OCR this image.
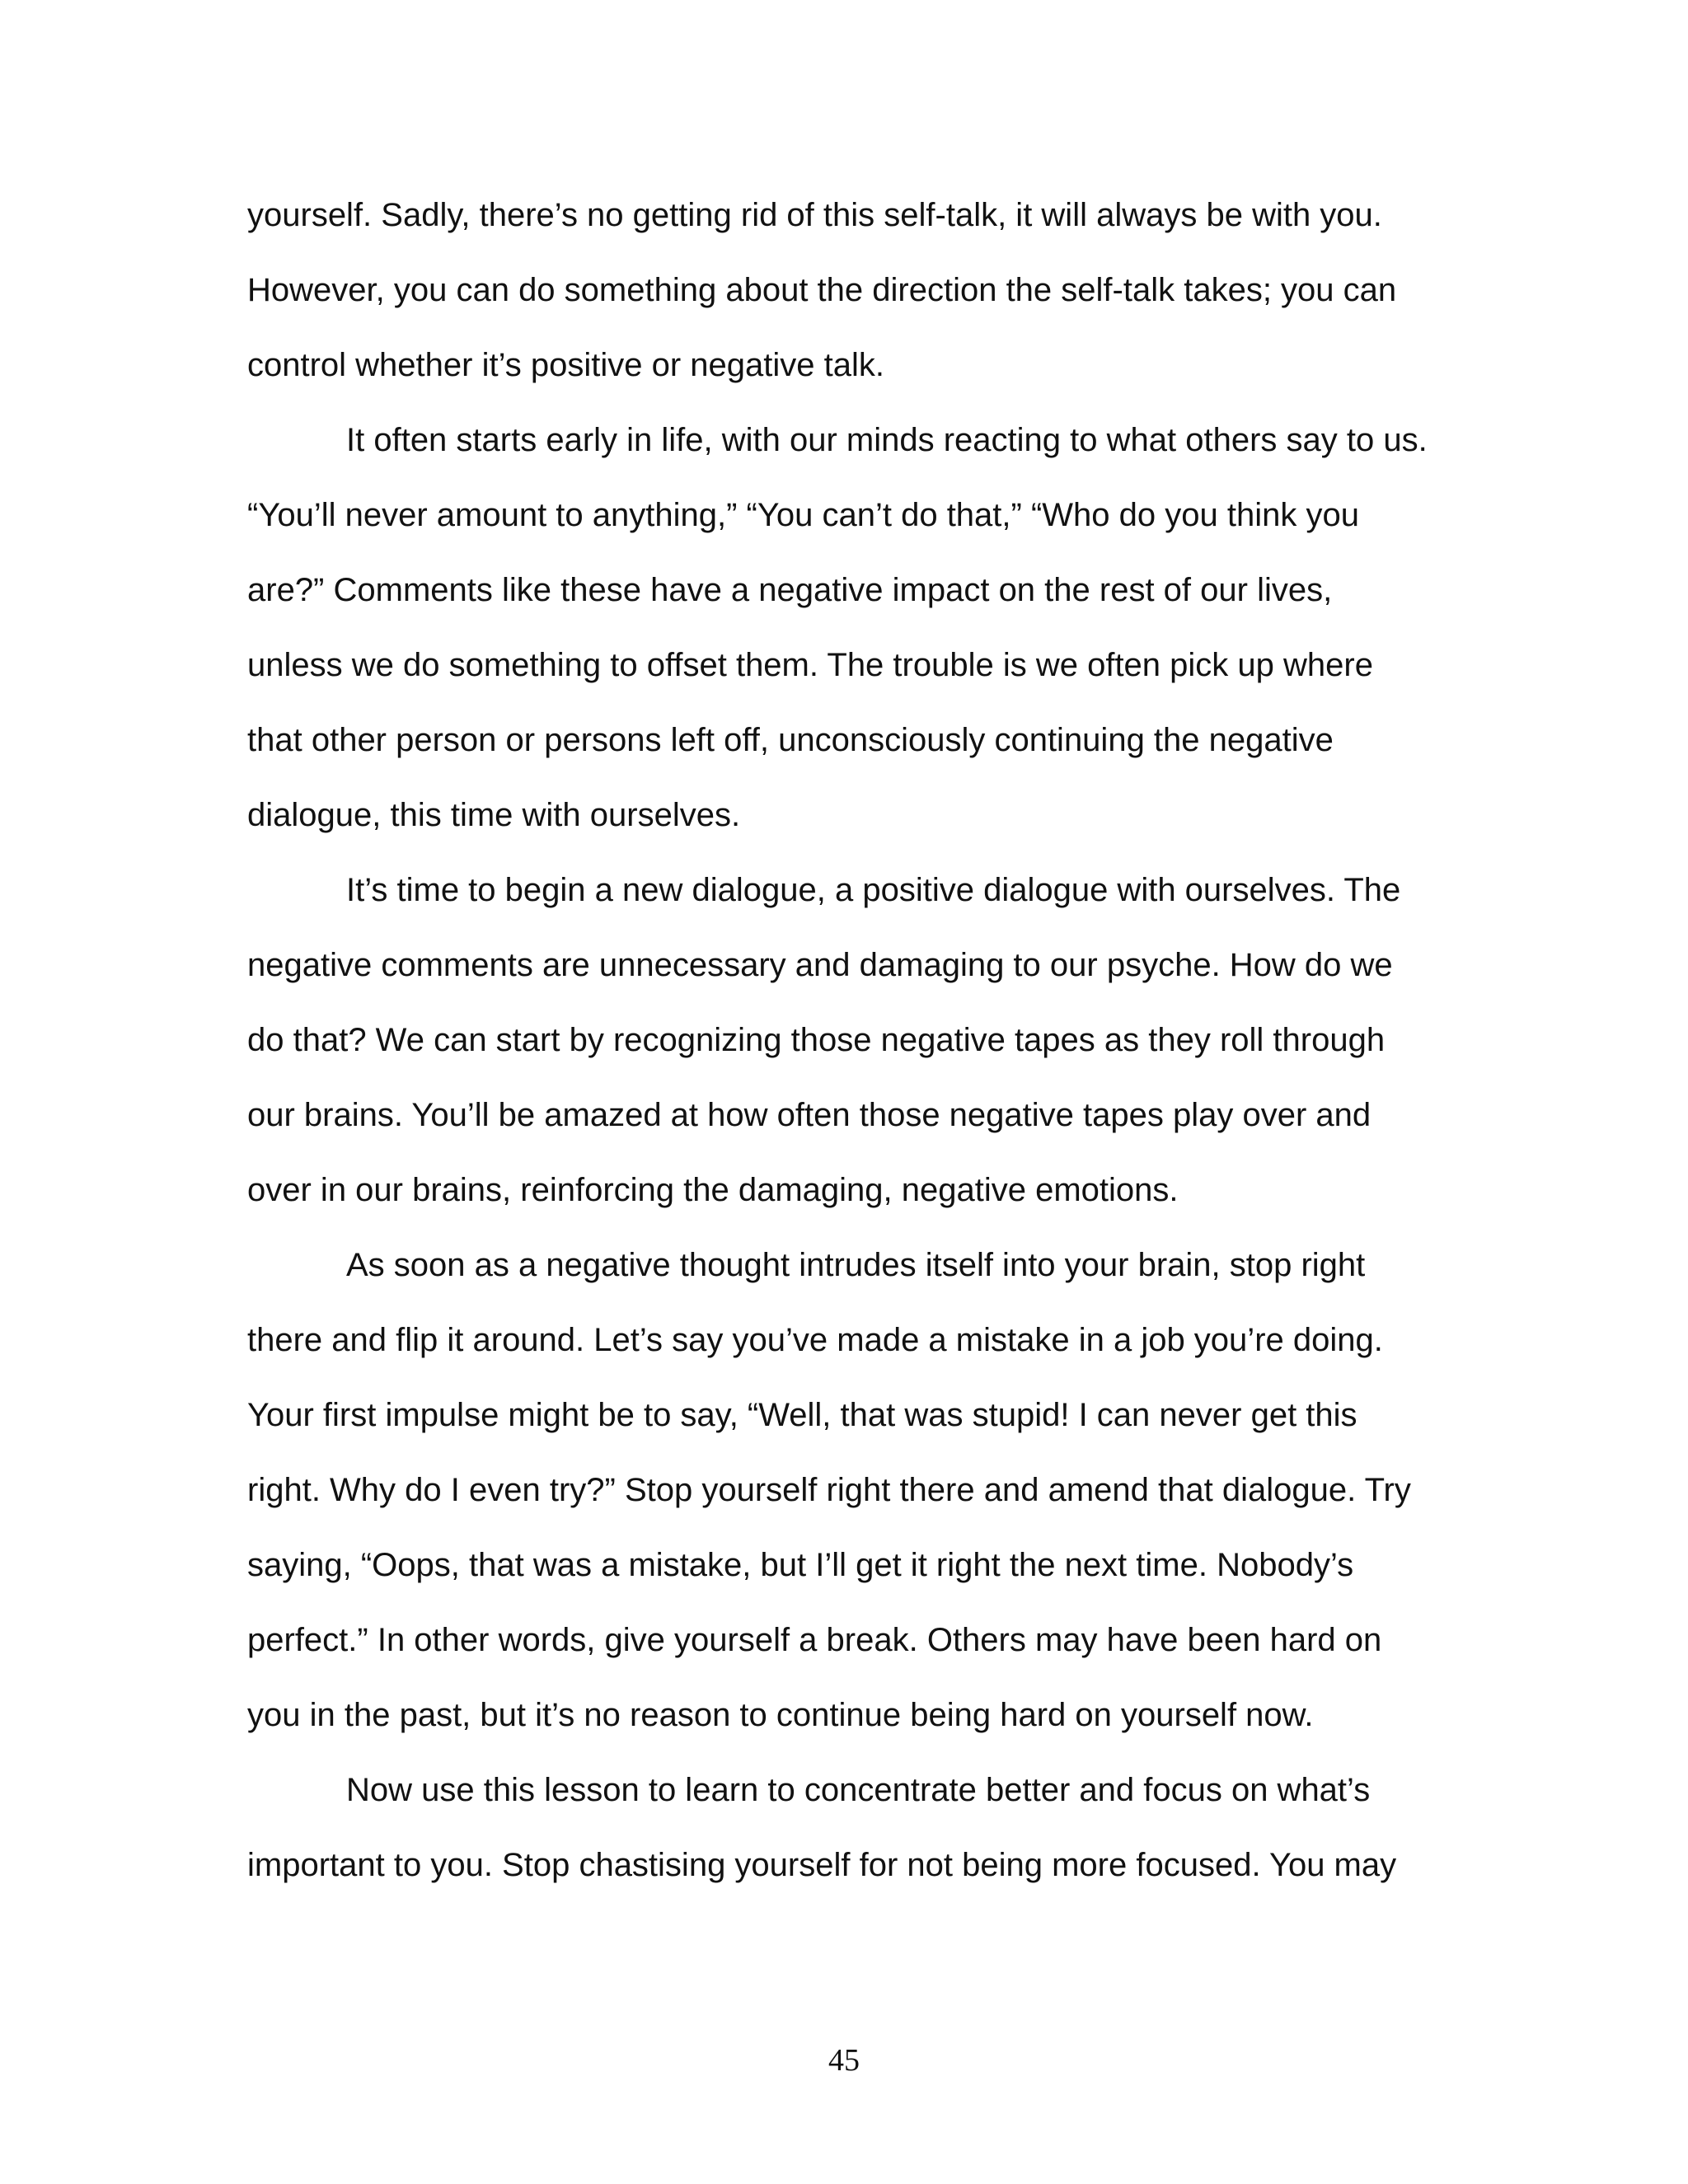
yourself. Sadly, there’s no getting rid of this self-talk, it will always be with you.
However, you can do something about the direction the self-talk takes; you can
control whether it’s positive or negative talk.
It often starts early in life, with our minds reacting to what others say to us.
“You’ll never amount to anything,” “You can’t do that,” “Who do you think you
are?” Comments like these have a negative impact on the rest of our lives,
unless we do something to offset them. The trouble is we often pick up where
that other person or persons left off, unconsciously continuing the negative
dialogue, this time with ourselves.
It’s time to begin a new dialogue, a positive dialogue with ourselves. The
negative comments are unnecessary and damaging to our psyche. How do we
do that? We can start by recognizing those negative tapes as they roll through
our brains. You’ll be amazed at how often those negative tapes play over and
over in our brains, reinforcing the damaging, negative emotions.
As soon as a negative thought intrudes itself into your brain, stop right
there and flip it around. Let’s say you’ve made a mistake in a job you’re doing.
Your first impulse might be to say, “Well, that was stupid! I can never get this
right. Why do I even try?” Stop yourself right there and amend that dialogue. Try
saying, “Oops, that was a mistake, but I’ll get it right the next time. Nobody’s
perfect.” In other words, give yourself a break. Others may have been hard on
you in the past, but it’s no reason to continue being hard on yourself now.
Now use this lesson to learn to concentrate better and focus on what’s
important to you. Stop chastising yourself for not being more focused. You may
45
